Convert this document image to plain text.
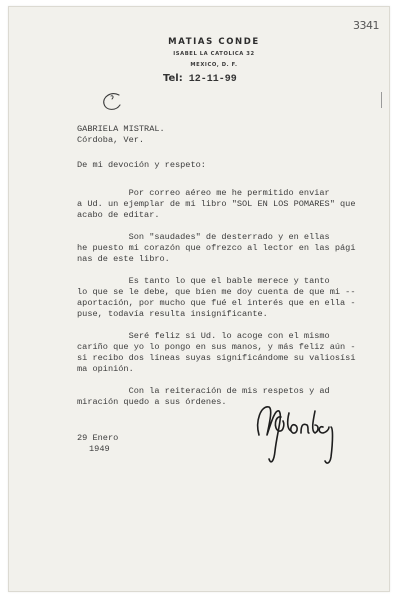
3341
MATIAS CONDE
ISABEL LA CATOLICA 32
MEXICO, D. F.
Tel: 12-11-99
GABRIELA MISTRAL.
Córdoba, Ver.
De mi devoción y respeto:
Por correo aéreo me he permitido enviar
a Ud. un ejemplar de mi libro "SOL EN LOS POMARES" que
acabo de editar.
Son "saudades" de desterrado y en ellas
he puesto mi corazón que ofrezco al lector en las pági
nas de este libro.
Es tanto lo que el bable merece y tanto
lo que se le debe, que bien me doy cuenta de que mi --
aportación, por mucho que fué el interés que en ella -
puse, todavía resulta insignificante.
Seré feliz si Ud. lo acoge con el mismo
cariño que yo lo pongo en sus manos, y más feliz aún -
si recibo dos líneas suyas significándome su valiosísi
ma opinión.
Con la reiteración de mis respetos y ad
miración quedo a sus órdenes.
29 Enero
1949
